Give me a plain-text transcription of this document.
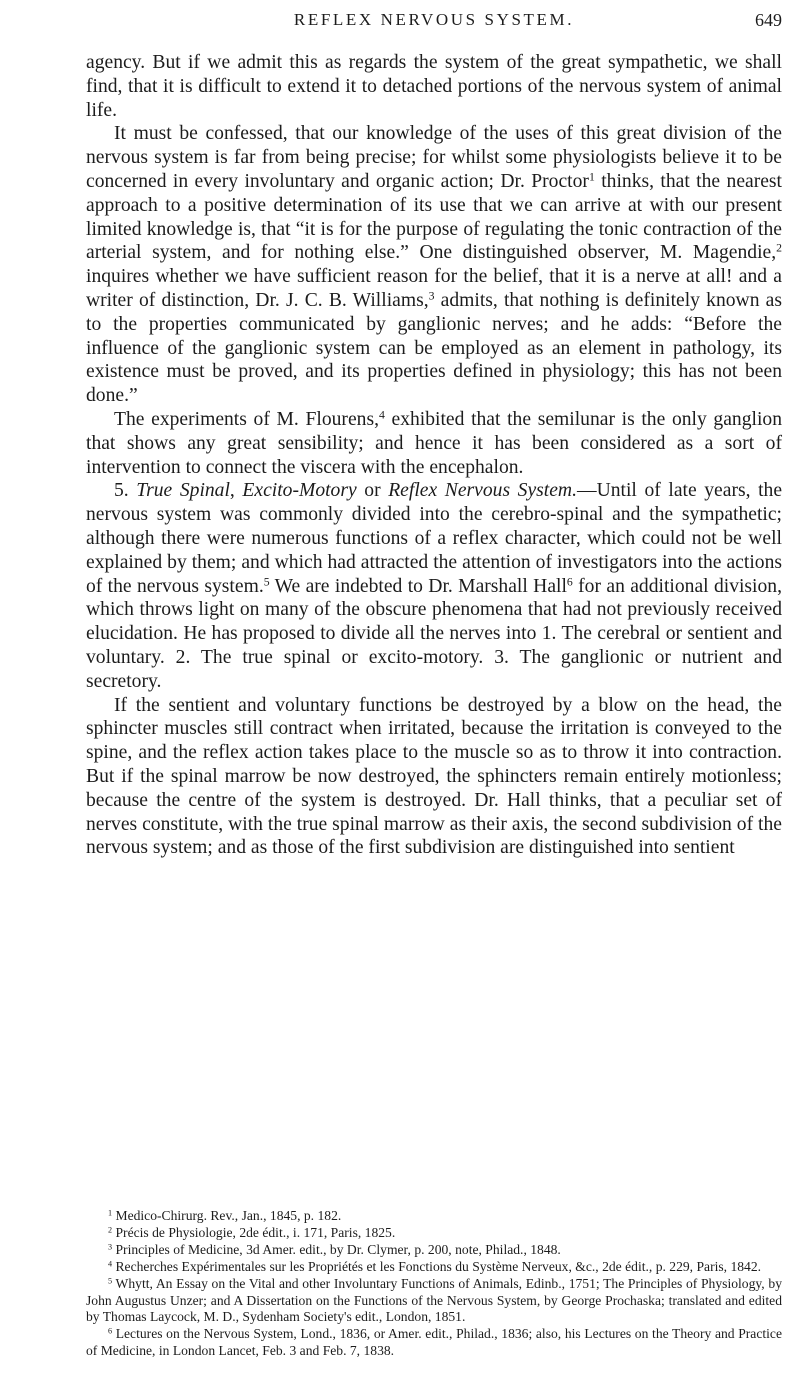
REFLEX NERVOUS SYSTEM.	649

agency. But if we admit this as regards the system of the great sympathetic, we shall find, that it is difficult to extend it to detached portions of the nervous system of animal life.

It must be confessed, that our knowledge of the uses of this great division of the nervous system is far from being precise; for whilst some physiologists believe it to be concerned in every involuntary and organic action; Dr. Proctor$^1$ thinks, that the nearest approach to a positive determination of its use that we can arrive at with our present limited knowledge is, that “it is for the purpose of regulating the tonic contraction of the arterial system, and for nothing else.” One distinguished observer, M. Magendie,$^2$ inquires whether we have sufficient reason for the belief, that it is a nerve at all! and a writer of distinction, Dr. J. C. B. Williams,$^3$ admits, that nothing is definitely known as to the properties communicated by ganglionic nerves; and he adds: “Before the influence of the ganglionic system can be employed as an element in pathology, its existence must be proved, and its properties defined in physiology; this has not been done.”

The experiments of M. Flourens,$^4$ exhibited that the semilunar is the only ganglion that shows any great sensibility; and hence it has been considered as a sort of intervention to connect the viscera with the encephalon.

5. True Spinal, Excito-Motory or Reflex Nervous System.—Until of late years, the nervous system was commonly divided into the cerebro-spinal and the sympathetic; although there were numerous functions of a reflex character, which could not be well explained by them; and which had attracted the attention of investigators into the actions of the nervous system.$^5$ We are indebted to Dr. Marshall Hall$^6$ for an additional division, which throws light on many of the obscure phenomena that had not previously received elucidation. He has proposed to divide all the nerves into 1. The cerebral or sentient and voluntary. 2. The true spinal or excito-motory. 3. The ganglionic or nutrient and secretory.

If the sentient and voluntary functions be destroyed by a blow on the head, the sphincter muscles still contract when irritated, because the irritation is conveyed to the spine, and the reflex action takes place to the muscle so as to throw it into contraction. But if the spinal marrow be now destroyed, the sphincters remain entirely motionless; because the centre of the system is destroyed. Dr. Hall thinks, that a peculiar set of nerves constitute, with the true spinal marrow as their axis, the second subdivision of the nervous system; and as those of the first subdivision are distinguished into sentient

$^1$ Medico-Chirurg. Rev., Jan., 1845, p. 182.

$^2$ Précis de Physiologie, 2de édit., i. 171, Paris, 1825.

$^3$ Principles of Medicine, 3d Amer. edit., by Dr. Clymer, p. 200, note, Philad., 1848.

$^4$ Recherches Expérimentales sur les Propriétés et les Fonctions du Système Nerveux, &c., 2de édit., p. 229, Paris, 1842.

$^5$ Whytt, An Essay on the Vital and other Involuntary Functions of Animals, Edinb., 1751; The Principles of Physiology, by John Augustus Unzer; and A Dissertation on the Functions of the Nervous System, by George Prochaska; translated and edited by Thomas Laycock, M. D., Sydenham Society's edit., London, 1851.

$^6$ Lectures on the Nervous System, Lond., 1836, or Amer. edit., Philad., 1836; also, his Lectures on the Theory and Practice of Medicine, in London Lancet, Feb. 3 and Feb. 7, 1838.
